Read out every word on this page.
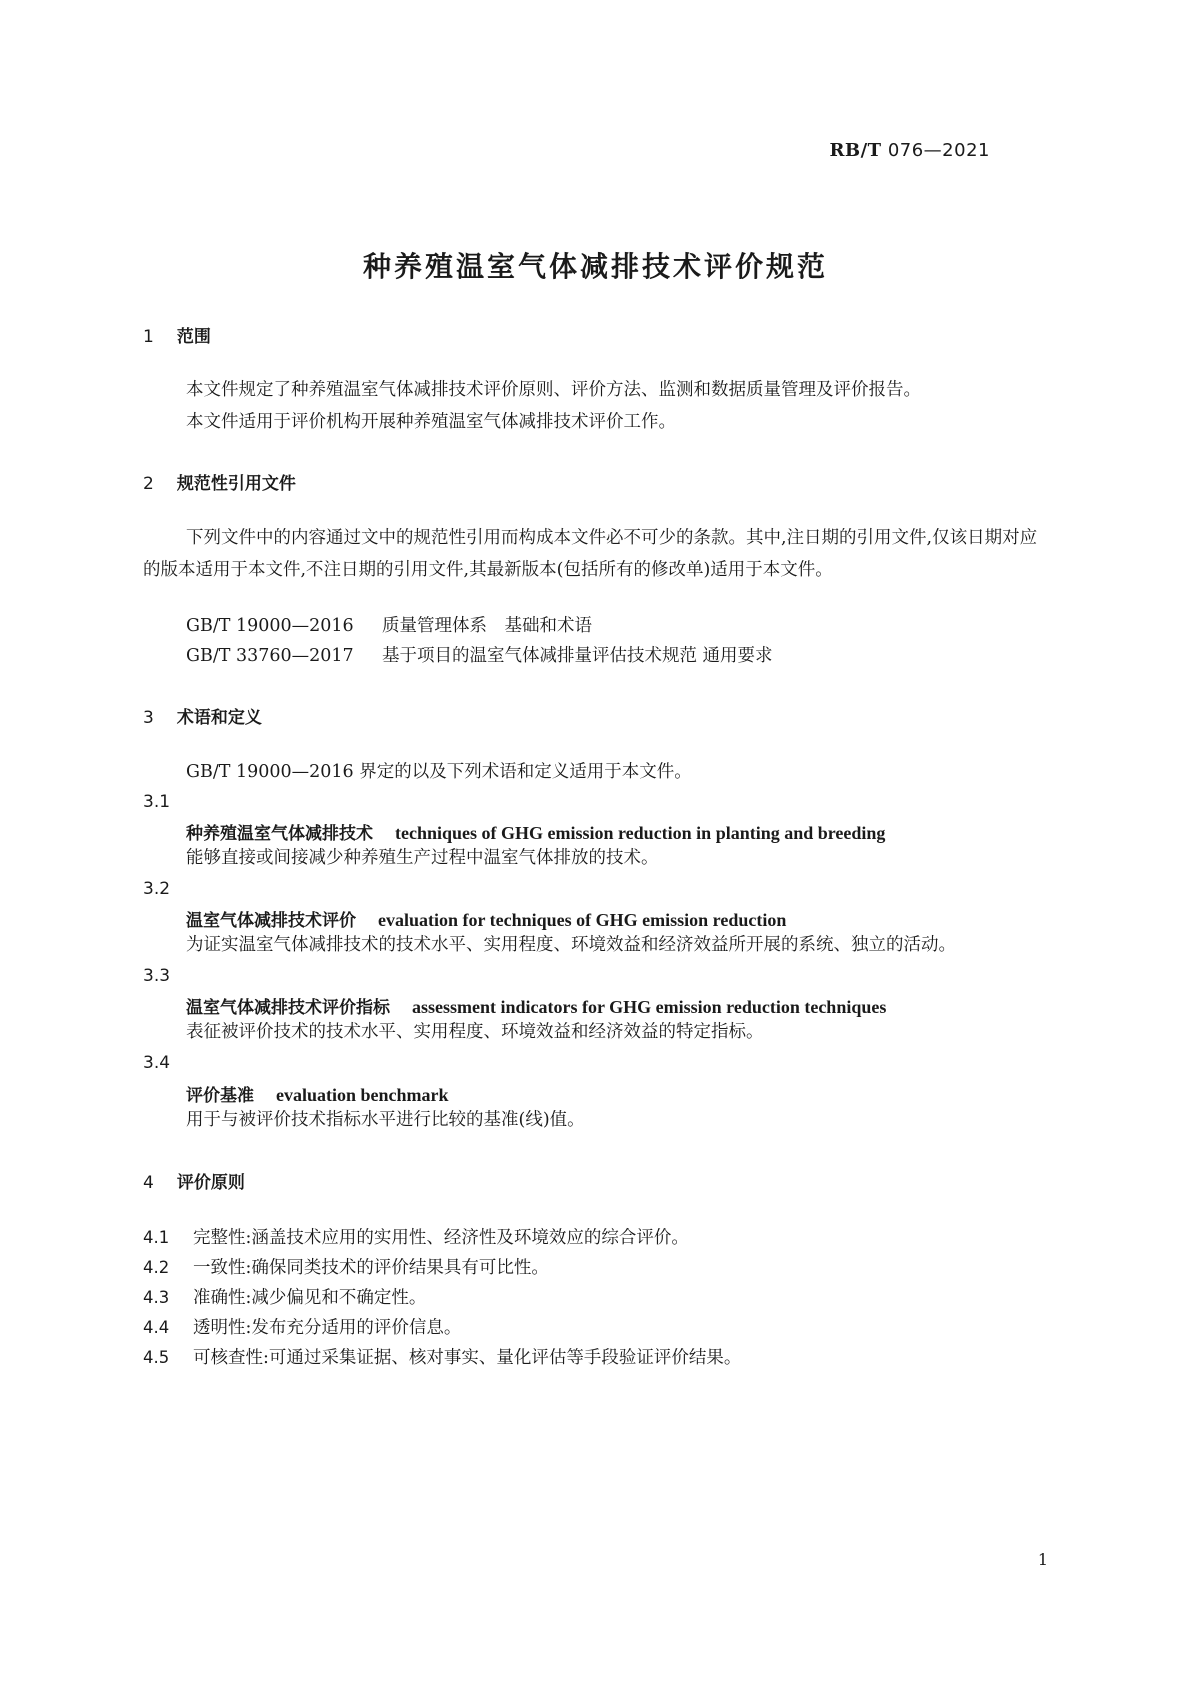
RB/T 076—2021
种养殖温室气体减排技术评价规范
1 范围
本文件规定了种养殖温室气体减排技术评价原则、评价方法、监测和数据质量管理及评价报告。
本文件适用于评价机构开展种养殖温室气体减排技术评价工作。
2 规范性引用文件

下列文件中的内容通过文中的规范性引用而构成本文件必不可少的条款。其中,注日期的引用文件,仅该日期对应的版本适用于本文件,不注日期的引用文件,其最新版本(包括所有的修改单)适用于本文件。

GB/T 19000—2016 质量管理体系　基础和术语
GB/T 33760—2017 基于项目的温室气体减排量评估技术规范 通用要求
3 术语和定义
GB/T 19000—2016 界定的以及下列术语和定义适用于本文件。
3.1
种养殖温室气体减排技术 techniques of GHG emission reduction in planting and breeding
能够直接或间接减少种养殖生产过程中温室气体排放的技术。
3.2
温室气体减排技术评价 evaluation for techniques of GHG emission reduction
为证实温室气体减排技术的技术水平、实用程度、环境效益和经济效益所开展的系统、独立的活动。
3.3
温室气体减排技术评价指标 assessment indicators for GHG emission reduction techniques
表征被评价技术的技术水平、实用程度、环境效益和经济效益的特定指标。
3.4
评价基准 evaluation benchmark
用于与被评价技术指标水平进行比较的基准(线)值。
4 评价原则
4.1 完整性:涵盖技术应用的实用性、经济性及环境效应的综合评价。
4.2 一致性:确保同类技术的评价结果具有可比性。
4.3 准确性:减少偏见和不确定性。
4.4 透明性:发布充分适用的评价信息。
4.5 可核查性:可通过采集证据、核对事实、量化评估等手段验证评价结果。
1
